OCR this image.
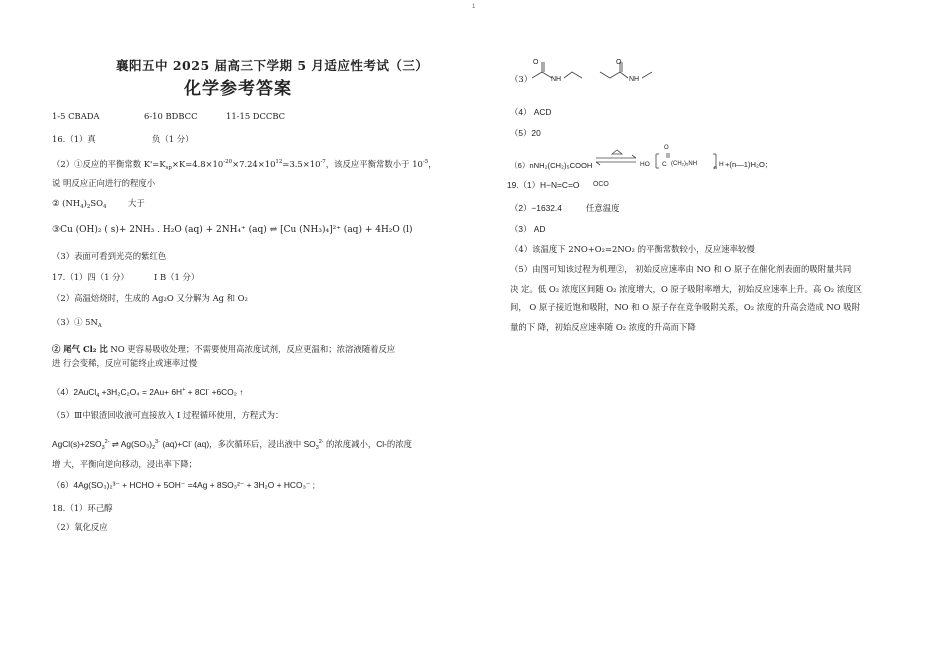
1
襄阳五中 2025 届高三下学期 5 月适应性考试（三）
化学参考答案
1-5 CBADA	6-10 BDBCC	11-15 DCCBC
16.（1）真	负（1 分）
（2）①反应的平衡常数 $K'=K_{sp}\times K=4.8\times 10^{-20}\times 7.24\times 10^{12}=3.5\times 10^{-7}$，该反应平衡常数小于 $10^{-5}$，
说 明反应正向进行的程度小
② $(NH_4)_2SO_4$	大于
③Cu (OH)₂ ( s)+ 2NH₃ . H₂O (aq) + 2NH₄⁺ (aq) ⇌ [Cu (NH₃)₄]²⁺ (aq) + 4H₂O (l)
（3）表面可看到光亮的紫红色
17.（1）四（1 分）	Ⅰ B（1 分）
（2）高温焙烧时，生成的 Ag₂O 又分解为 Ag 和 O₂
（3）① $5N_A$
② 尾气 Cl₂ 比 NO 更容易吸收处理；不需要使用高浓度试剂，反应更温和；浓溶液随着反应
进 行会变稀，反应可能终止或速率过慢
（4）2AuCl$_4$ +3H₂C₂O₄ = 2Au+ 6H+ + 8Cl- +6CO₂ ↑
（5）Ⅲ中银渣回收液可直接放入 Ⅰ 过程循环使用，方程式为：
$AgCl(s)+2SO_3^{2-}$ ⇌ $Ag(SO_3)_2^{3-}$ (aq)+Cl- (aq)，多次循环后，浸出液中 $SO_3^{2-}$ 的浓度减小，Cl-的浓度
增 大，平衡向逆向移动，浸出率下降；
（6）4Ag(SO₃)₂³⁻ + HCHO + 5OH⁻ =4Ag + 8SO₃²⁻ + 3H₂O + HCO₃⁻ ;
18.（1）环己醇
（2）氧化反应
（3）
O
NH
O
NH
（4） ACD
（5）20
（6）nNH₂(CH₂)₅COOH ⇌ HO
O
C (CH₂)₅NH
n H +(n—1)H₂O；
19.（1）H−N=C=O O C O
（2）−1632.4	任意温度
（3） AD
（4）该温度下 2NO+O₂=2NO₂ 的平衡常数较小，反应速率较慢
（5）由图可知该过程为机理②， 初始反应速率由 NO 和 O 原子在催化剂表面的吸附量共同
决 定。低 O₂ 浓度区间随 O₂ 浓度增大，O 原子吸附率增大，初始反应速率上升。高 O₂ 浓度区
间， O 原子接近饱和吸附，NO 和 O 原子存在竞争吸附关系，O₂ 浓度的升高会造成 NO 吸附
量的下 降，初始反应速率随 O₂ 浓度的升高而下降
